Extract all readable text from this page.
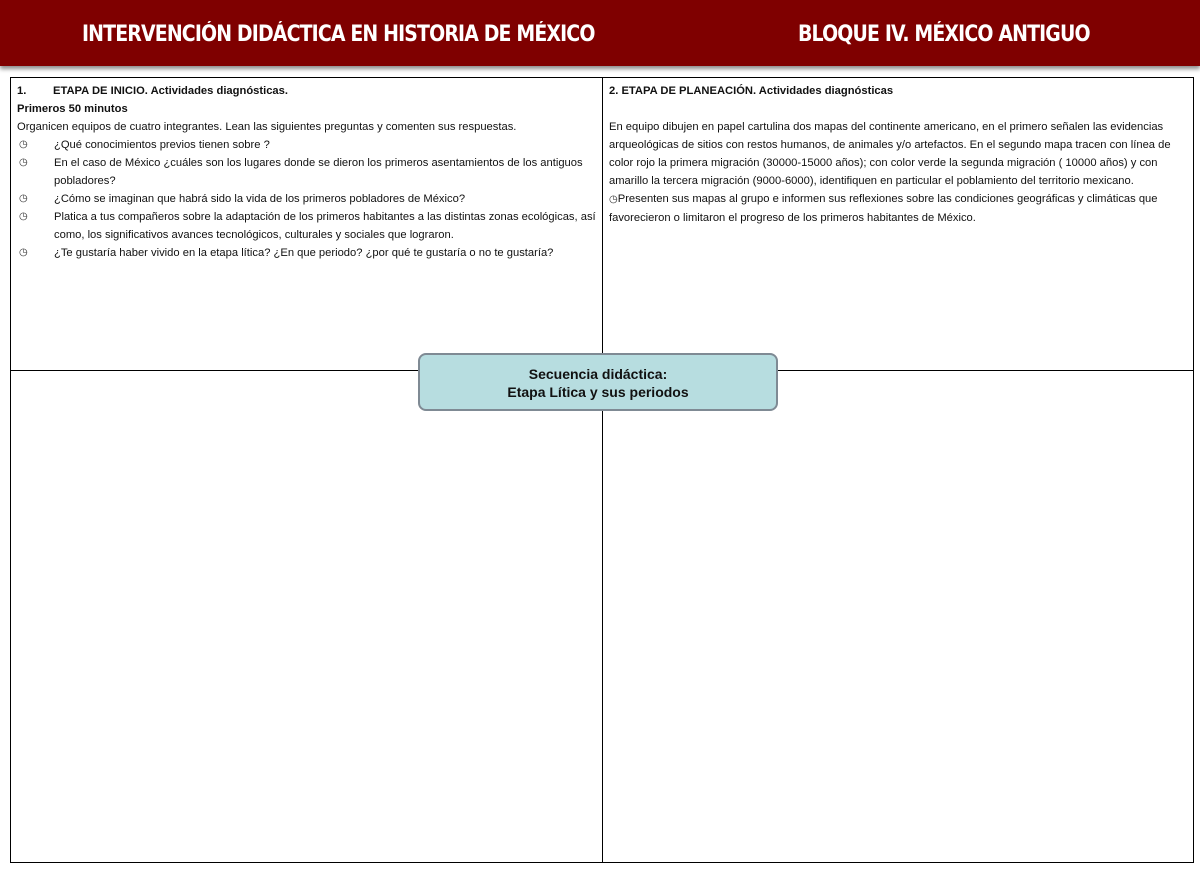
INTERVENCIÓN DIDÁCTICA EN HISTORIA DE MÉXICO	BLOQUE IV. MÉXICO ANTIGUO
1. ETAPA DE INICIO. Actividades diagnósticas.
Primeros 50 minutos
Organicen equipos de cuatro integrantes. Lean las siguientes preguntas y comenten sus respuestas.
◷ ¿Qué conocimientos previos tienen sobre ?
◷ En el caso de México ¿cuáles son los lugares donde se dieron los primeros asentamientos de los antiguos pobladores?
◷ ¿Cómo se imaginan que habrá sido la vida de los primeros pobladores de México?
◷ Platica a tus compañeros sobre la adaptación de los primeros habitantes a las distintas zonas ecológicas, así como, los significativos avances tecnológicos, culturales y sociales que lograron.
◷ ¿Te gustaría haber vivido en la etapa lítica? ¿En que periodo? ¿por qué te gustaría o no te gustaría?
2. ETAPA DE PLANEACIÓN. Actividades diagnósticas
En equipo dibujen en papel cartulina dos mapas del continente americano, en el primero señalen las evidencias arqueológicas de sitios con restos humanos, de animales y/o artefactos. En el segundo mapa tracen con línea de color rojo la primera migración (30000-15000 años); con color verde la segunda migración ( 10000 años) y con amarillo la tercera migración (9000-6000), identifiquen en particular el poblamiento del territorio mexicano.
◷Presenten sus mapas al grupo e informen sus reflexiones sobre las condiciones geográficas y climáticas que favorecieron o limitaron el progreso de los primeros habitantes de México.
Secuencia didáctica:
Etapa Lítica y sus periodos
